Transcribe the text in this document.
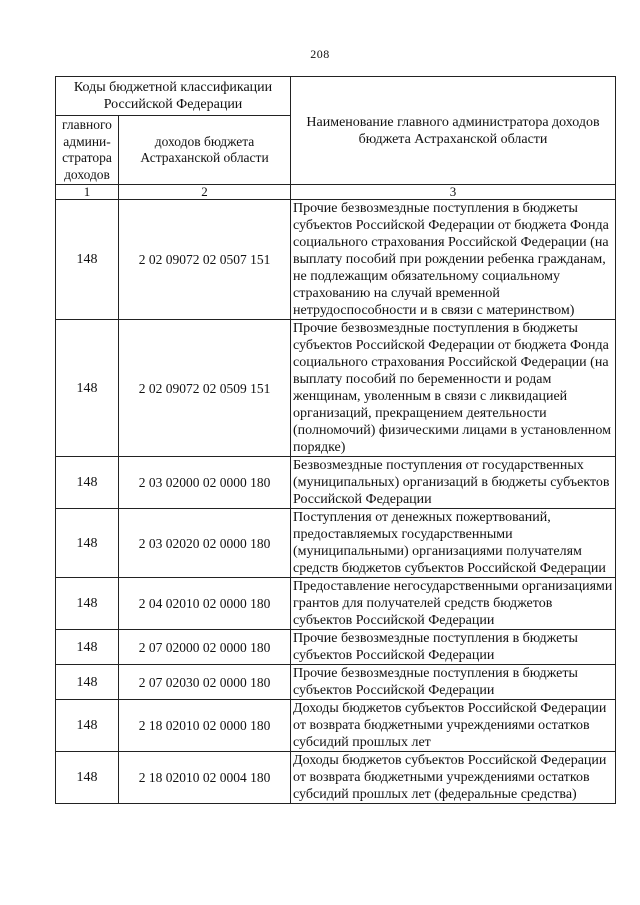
208
Коды бюджетной классификации Российской Федерации		Наименование главного администратора доходов бюджета Астраханской области
главного админи-стратора доходов	доходов бюджета Астраханской области	
1	2	3
148	2 02 09072 02 0507 151	Прочие безвозмездные поступления в бюджеты субъектов Российской Федерации от бюджета Фонда социального страхования Российской Федерации (на выплату пособий при рождении ребенка гражданам, не подлежащим обязательному социальному страхованию на случай временной нетрудоспособности и в связи с материнством)
148	2 02 09072 02 0509 151	Прочие безвозмездные поступления в бюджеты субъектов Российской Федерации от бюджета Фонда социального страхования Российской Федерации (на выплату пособий по беременности и родам женщинам, уволенным в связи с ликвидацией организаций, прекращением деятельности (полномочий) физическими лицами в установленном порядке)
148	2 03 02000 02 0000 180	Безвозмездные поступления от государственных (муниципальных) организаций в бюджеты субъектов Российской Федерации
148	2 03 02020 02 0000 180	Поступления от денежных пожертвований, предоставляемых государственными (муниципальными) организациями получателям средств бюджетов субъектов Российской Федерации
148	2 04 02010 02 0000 180	Предоставление негосударственными организациями грантов для получателей средств бюджетов субъектов Российской Федерации
148	2 07 02000 02 0000 180	Прочие безвозмездные поступления в бюджеты субъектов Российской Федерации
148	2 07 02030 02 0000 180	Прочие безвозмездные поступления в бюджеты субъектов Российской Федерации
148	2 18 02010 02 0000 180	Доходы бюджетов субъектов Российской Федерации от возврата бюджетными учреждениями остатков субсидий прошлых лет
148	2 18 02010 02 0004 180	Доходы бюджетов субъектов Российской Федерации от возврата бюджетными учреждениями остатков субсидий прошлых лет (федеральные средства)
